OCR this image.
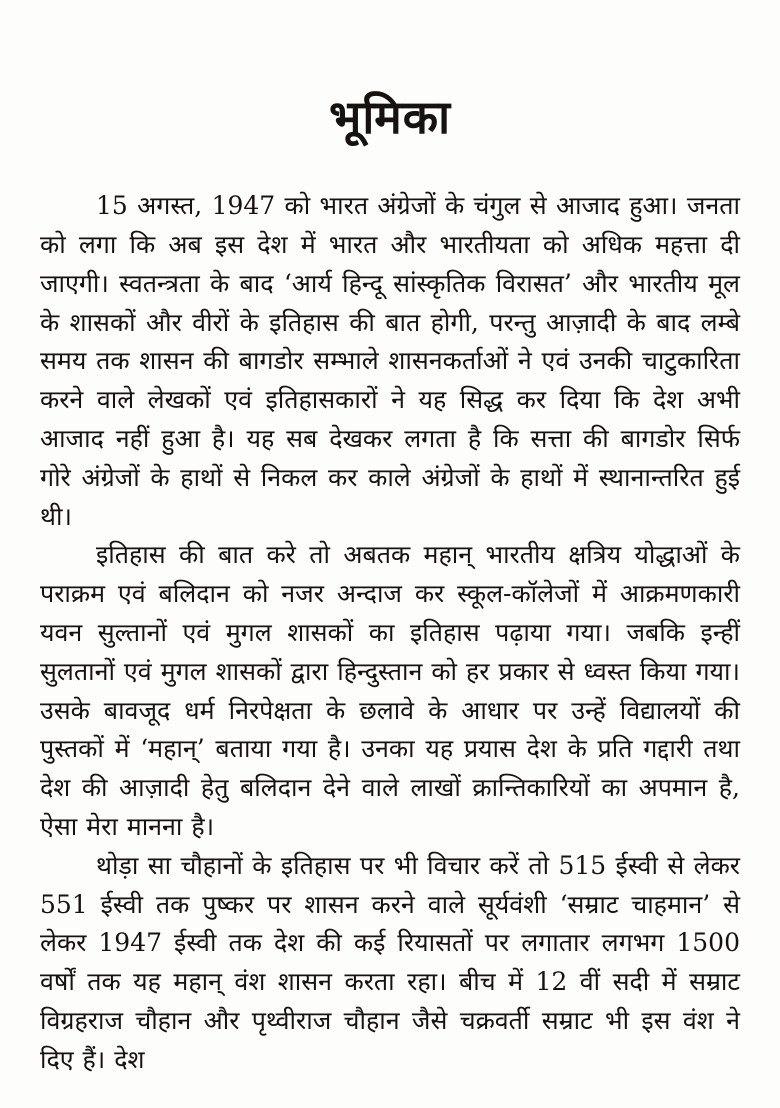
भूमिका

15 अगस्त, 1947 को भारत अंग्रेजों के चंगुल से आजाद हुआ। जनता को लगा कि अब इस देश में भारत और भारतीयता को अधिक महत्ता दी जाएगी। स्वतन्त्रता के बाद ‘आर्य हिन्दू सांस्कृतिक विरासत’ और भारतीय मूल के शासकों और वीरों के इतिहास की बात होगी, परन्तु आज़ादी के बाद लम्बे समय तक शासन की बागडोर सम्भाले शासनकर्ताओं ने एवं उनकी चाटुकारिता करने वाले लेखकों एवं इतिहासकारों ने यह सिद्ध कर दिया कि देश अभी आजाद नहीं हुआ है। यह सब देखकर लगता है कि सत्ता की बागडोर सिर्फ गोरे अंग्रेजों के हाथों से निकल कर काले अंग्रेजों के हाथों में स्थानान्तरित हुई थी।

इतिहास की बात करे तो अबतक महान् भारतीय क्षत्रिय योद्धाओं के पराक्रम एवं बलिदान को नजर अन्दाज कर स्कूल-कॉलेजों में आक्रमणकारी यवन सुल्तानों एवं मुगल शासकों का इतिहास पढ़ाया गया। जबकि इन्हीं सुलतानों एवं मुगल शासकों द्वारा हिन्दुस्तान को हर प्रकार से ध्वस्त किया गया। उसके बावजूद धर्म निरपेक्षता के छलावे के आधार पर उन्हें विद्यालयों की पुस्तकों में ‘महान्’ बताया गया है। उनका यह प्रयास देश के प्रति गद्दारी तथा देश की आज़ादी हेतु बलिदान देने वाले लाखों क्रान्तिकारियों का अपमान है, ऐसा मेरा मानना है।

थोड़ा सा चौहानों के इतिहास पर भी विचार करें तो 515 ईस्वी से लेकर 551 ईस्वी तक पुष्कर पर शासन करने वाले सूर्यवंशी ‘सम्राट चाहमान’ से लेकर 1947 ईस्वी तक देश की कई रियासतों पर लगातार लगभग 1500 वर्षों तक यह महान् वंश शासन करता रहा। बीच में 12 वीं सदी में सम्राट विग्रहराज चौहान और पृथ्वीराज चौहान जैसे चक्रवर्ती सम्राट भी इस वंश ने दिए हैं। देश
